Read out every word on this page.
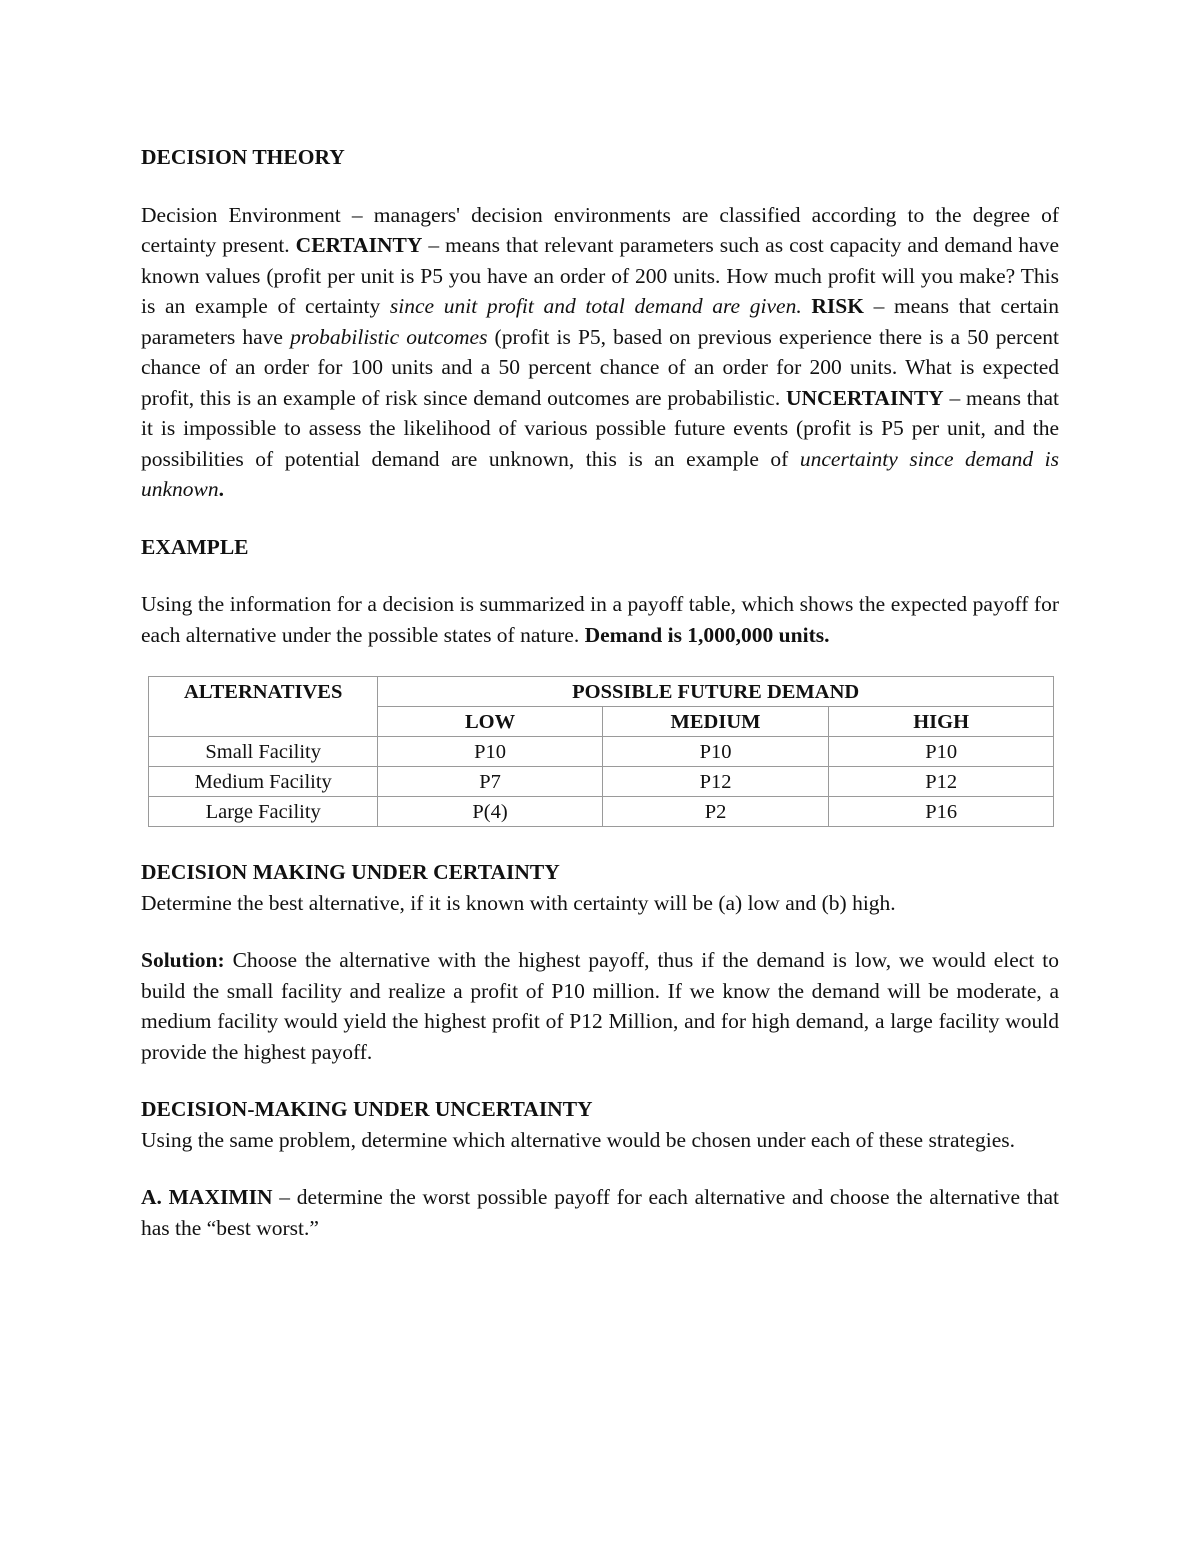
DECISION THEORY

Decision Environment – managers' decision environments are classified according to the degree of certainty present. CERTAINTY – means that relevant parameters such as cost capacity and demand have known values (profit per unit is P5 you have an order of 200 units. How much profit will you make? This is an example of certainty since unit profit and total demand are given. RISK – means that certain parameters have probabilistic outcomes (profit is P5, based on previous experience there is a 50 percent chance of an order for 100 units and a 50 percent chance of an order for 200 units. What is expected profit, this is an example of risk since demand outcomes are probabilistic. UNCERTAINTY – means that it is impossible to assess the likelihood of various possible future events (profit is P5 per unit, and the possibilities of potential demand are unknown, this is an example of uncertainty since demand is unknown.

EXAMPLE

Using the information for a decision is summarized in a payoff table, which shows the expected payoff for each alternative under the possible states of nature. Demand is 1,000,000 units.

ALTERNATIVES	POSSIBLE FUTURE DEMAND		
	LOW	MEDIUM	HIGH
Small Facility	P10	P10	P10
Medium Facility	P7	P12	P12
Large Facility	P(4)	P2	P16

DECISION MAKING UNDER CERTAINTY

Determine the best alternative, if it is known with certainty will be (a) low and (b) high.

Solution: Choose the alternative with the highest payoff, thus if the demand is low, we would elect to build the small facility and realize a profit of P10 million. If we know the demand will be moderate, a medium facility would yield the highest profit of P12 Million, and for high demand, a large facility would provide the highest payoff.

DECISION-MAKING UNDER UNCERTAINTY

Using the same problem, determine which alternative would be chosen under each of these strategies.

A. MAXIMIN – determine the worst possible payoff for each alternative and choose the alternative that has the “best worst.”
